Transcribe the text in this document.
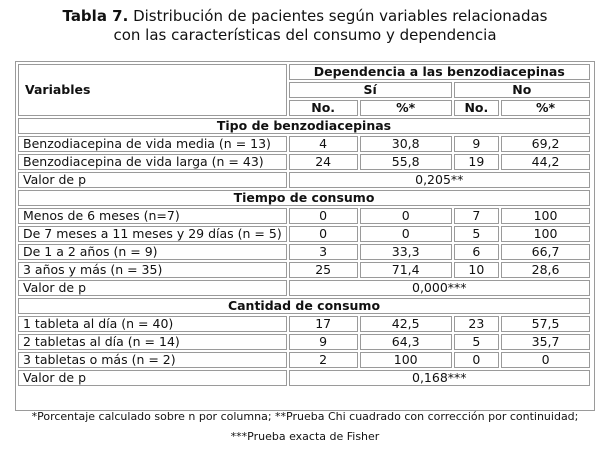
Tabla 7. Distribución de pacientes según variables relacionadas
con las características del consumo y dependencia
Variables	Dependencia a las benzodiacepinas			
	Sí		No	
	No.	%*	No.	%*
Tipo de benzodiacepinas				
Benzodiacepina de vida media (n = 13)	4	30,8	9	69,2
Benzodiacepina de vida larga (n = 43)	24	55,8	19	44,2
Valor de p	0,205**			
Tiempo de consumo				
Menos de 6 meses (n=7)	0	0	7	100
De 7 meses a 11 meses y 29 días (n = 5)	0	0	5	100
De 1 a 2 años (n = 9)	3	33,3	6	66,7
3 años y más (n = 35)	25	71,4	10	28,6
Valor de p	0,000***			
Cantidad de consumo				
1 tableta al día (n = 40)	17	42,5	23	57,5
2 tabletas al día (n = 14)	9	64,3	5	35,7
3 tabletas o más (n = 2)	2	100	0	0
Valor de p	0,168***			
*Porcentaje calculado sobre n por columna; **Prueba Chi cuadrado con corrección por continuidad;
***Prueba exacta de Fisher
